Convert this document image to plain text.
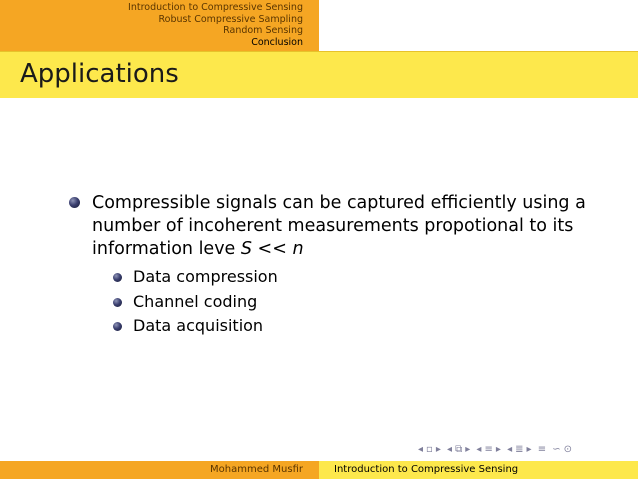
Introduction to Compressive Sensing
Robust Compressive Sampling
Random Sensing
Conclusion
Applications
Compressible signals can be captured efficiently using a
number of incoherent measurements propotional to its
information leve S << n
Data compression
Channel coding
Data acquisition
◂ ▫ ▸ ◂ ⧉ ▸ ◂ ≡ ▸ ◂ ≣ ▸ ≡ ∽ ⊙
Mohammed Musfir	Introduction to Compressive Sensing
